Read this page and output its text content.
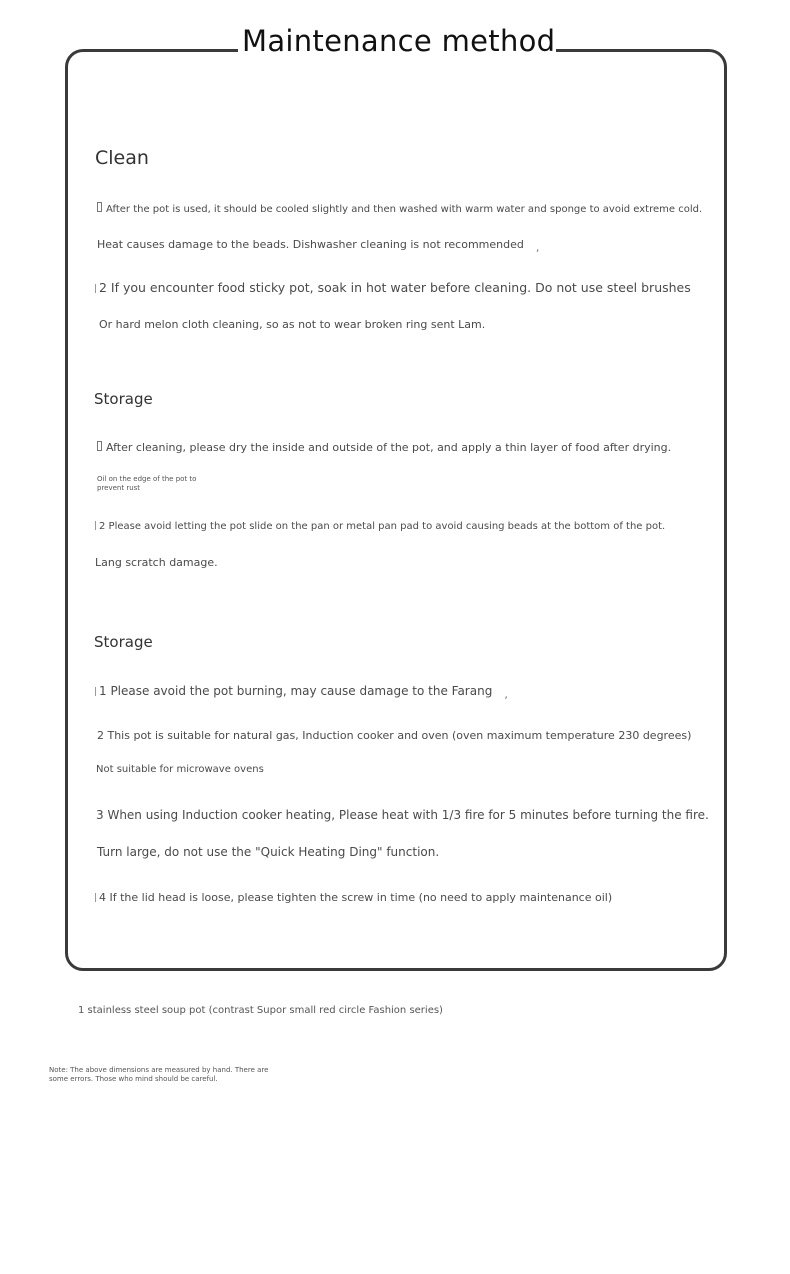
Maintenance method
Clean
After the pot is used, it should be cooled slightly and then washed with warm water and sponge to avoid extreme cold.
Heat causes damage to the beads. Dishwasher cleaning is not recommended ,
2 If you encounter food sticky pot, soak in hot water before cleaning. Do not use steel brushes
Or hard melon cloth cleaning, so as not to wear broken ring sent Lam.
Storage
After cleaning, please dry the inside and outside of the pot, and apply a thin layer of food after drying.
Oil on the edge of the pot to prevent rust
2 Please avoid letting the pot slide on the pan or metal pan pad to avoid causing beads at the bottom of the pot.
Lang scratch damage.
Storage
1 Please avoid the pot burning, may cause damage to the Farang ,
2 This pot is suitable for natural gas, Induction cooker and oven (oven maximum temperature 230 degrees)
Not suitable for microwave ovens
3 When using Induction cooker heating, Please heat with 1/3 fire for 5 minutes before turning the fire.
Turn large, do not use the "Quick Heating Ding" function.
4 If the lid head is loose, please tighten the screw in time (no need to apply maintenance oil)
1 stainless steel soup pot (contrast Supor small red circle Fashion series)
Note: The above dimensions are measured by hand. There are some errors. Those who mind should be careful.
